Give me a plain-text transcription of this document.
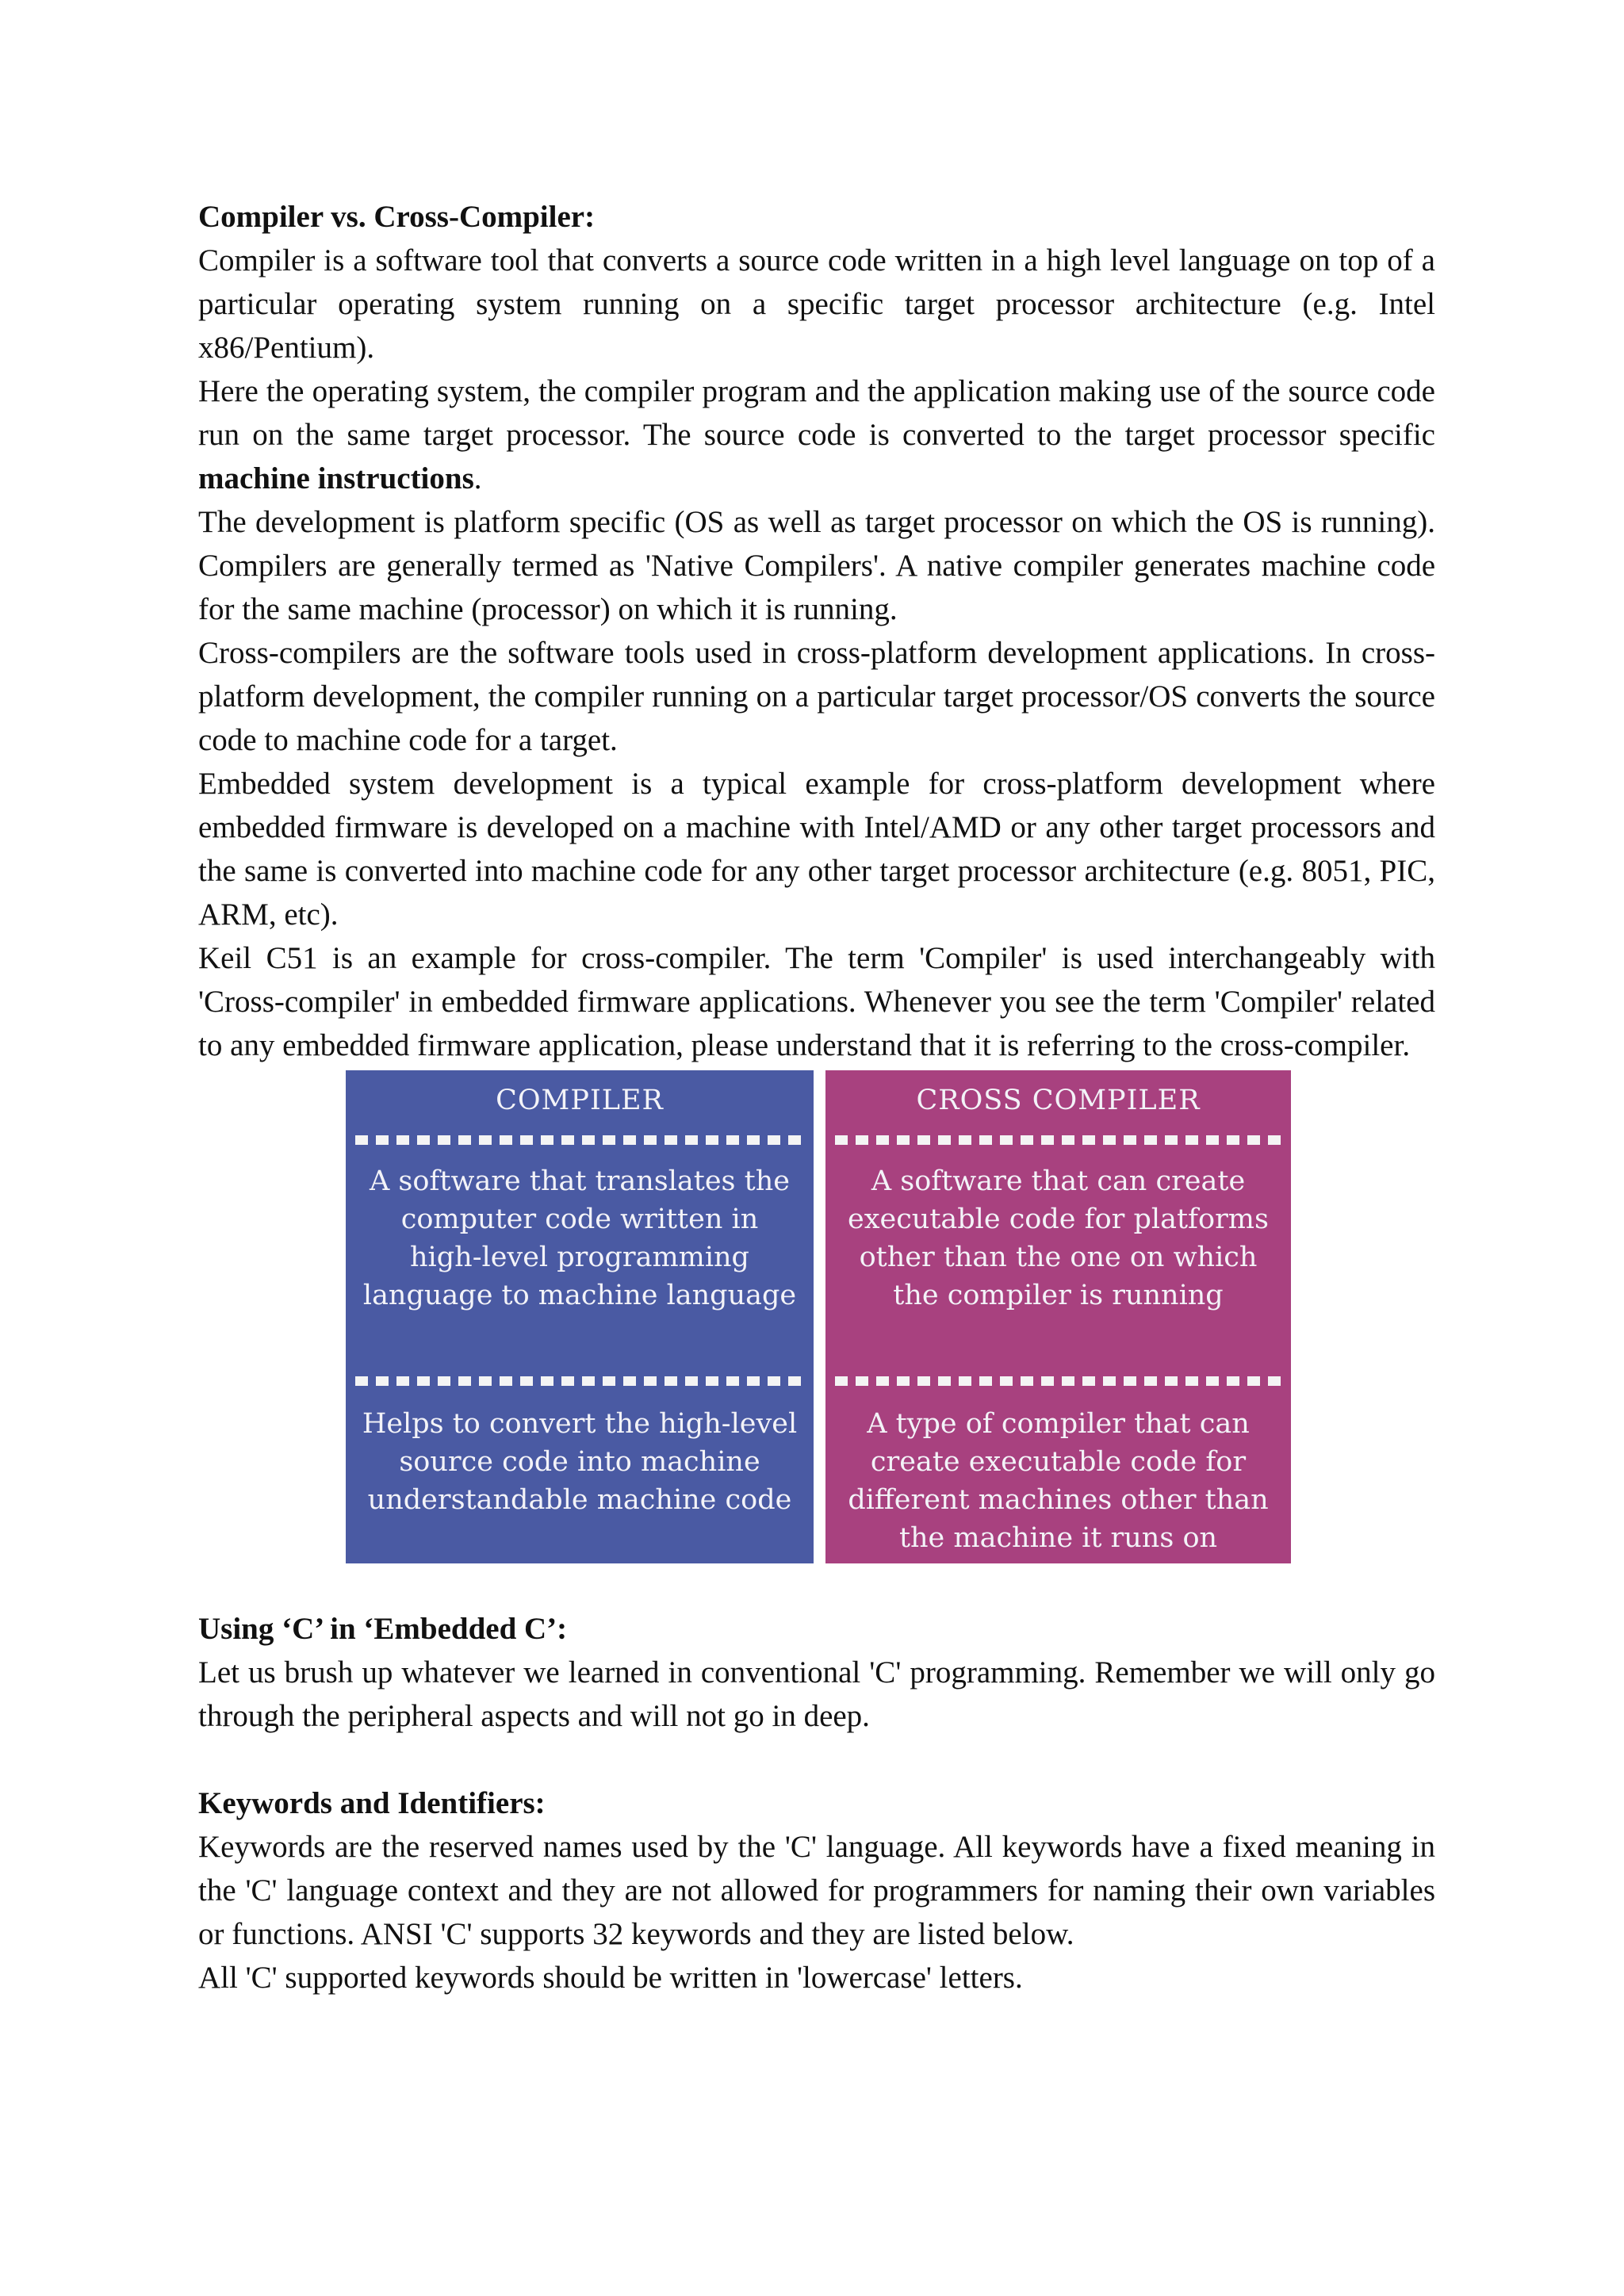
Compiler vs. Cross-Compiler:

Compiler is a software tool that converts a source code written in a high level language on top of a particular operating system running on a specific target processor architecture (e.g. Intel x86/Pentium).

Here the operating system, the compiler program and the application making use of the source code run on the same target processor. The source code is converted to the target processor specific machine instructions.

The development is platform specific (OS as well as target processor on which the OS is running). Compilers are generally termed as 'Native Compilers'. A native compiler generates machine code for the same machine (processor) on which it is running.

Cross-compilers are the software tools used in cross-platform development applications. In cross-platform development, the compiler running on a particular target processor/OS converts the source code to machine code for a target.

Embedded system development is a typical example for cross-platform development where embedded firmware is developed on a machine with Intel/AMD or any other target processors and the same is converted into machine code for any other target processor architecture (e.g. 8051, PIC, ARM, etc).

Keil C51 is an example for cross-compiler. The term 'Compiler' is used interchangeably with 'Cross-compiler' in embedded firmware applications. Whenever you see the term 'Compiler' related to any embedded firmware application, please understand that it is referring to the cross-compiler.

COMPILER
A software that translates the computer code written in high-level programming language to machine language
Helps to convert the high-level source code into machine understandable machine code
CROSS COMPILER
A software that can create executable code for platforms other than the one on which the compiler is running
A type of compiler that can create executable code for different machines other than the machine it runs on

Using ‘C’ in ‘Embedded C’:

Let us brush up whatever we learned in conventional 'C' programming. Remember we will only go through the peripheral aspects and will not go in deep.

Keywords and Identifiers:

Keywords are the reserved names used by the 'C' language. All keywords have a fixed meaning in the 'C' language context and they are not allowed for programmers for naming their own variables or functions. ANSI 'C' supports 32 keywords and they are listed below.

All 'C' supported keywords should be written in 'lowercase' letters.
